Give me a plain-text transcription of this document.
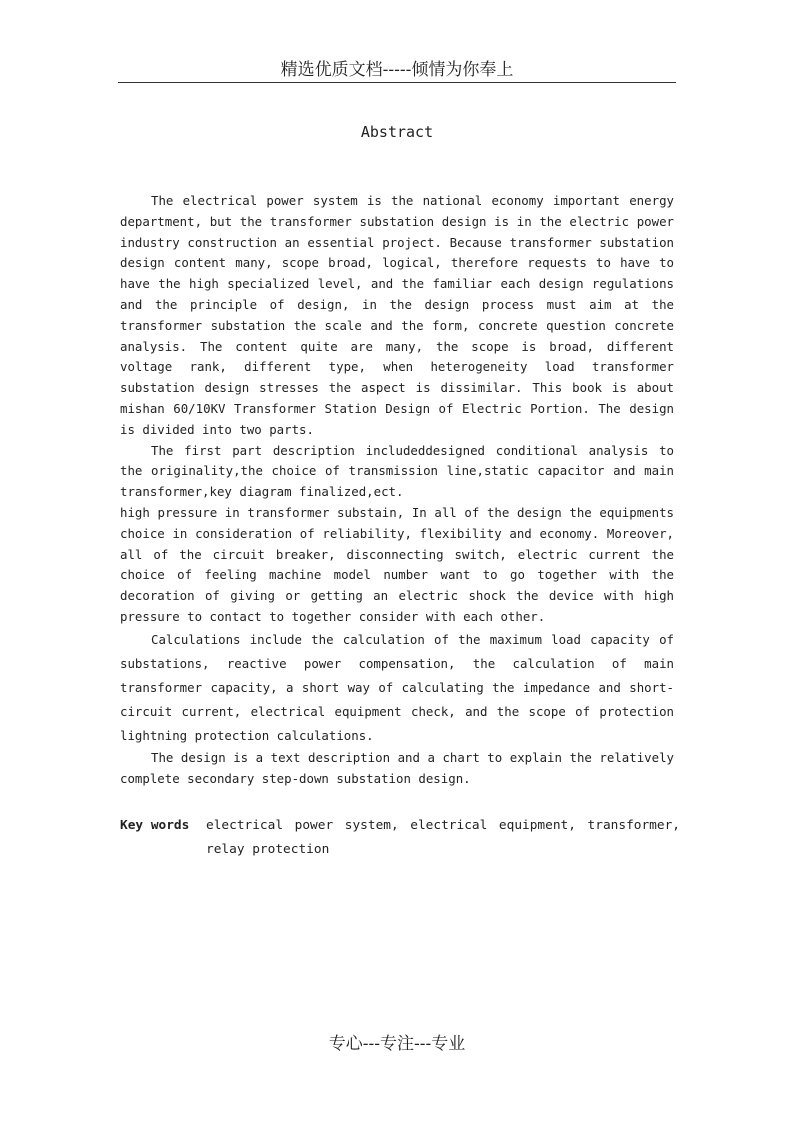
精选优质文档-----倾情为你奉上
Abstract

The electrical power system is the national economy important energy department, but the transformer substation design is in the electric power industry construction an essential project. Because transformer substation design content many, scope broad, logical, therefore requests to have to have the high specialized level, and the familiar each design regulations and the principle of design, in the design process must aim at the transformer substation the scale and the form, concrete question concrete analysis. The content quite are many, the scope is broad, different voltage rank, different type, when heterogeneity load transformer substation design stresses the aspect is dissimilar. This book is about mishan 60/10KV Transformer Station Design of Electric Portion. The design is divided into two parts.

The first part description includeddesigned conditional analysis to the originality,the choice of transmission line,static capacitor and main transformer,key diagram finalized,ect.

high pressure in transformer substain, In all of the design the equipments choice in consideration of reliability, flexibility and economy. Moreover, all of the circuit breaker, disconnecting switch, electric current the choice of feeling machine model number want to go together with the decoration of giving or getting an electric shock the device with high pressure to contact to together consider with each other.

Calculations include the calculation of the maximum load capacity of substations, reactive power compensation, the calculation of main transformer capacity, a short way of calculating the impedance and short-circuit current, electrical equipment check, and the scope of protection lightning protection calculations.

The design is a text description and a chart to explain the relatively complete secondary step-down substation design.

Key words	electrical power system, electrical equipment, transformer, relay protection
专心---专注---专业
